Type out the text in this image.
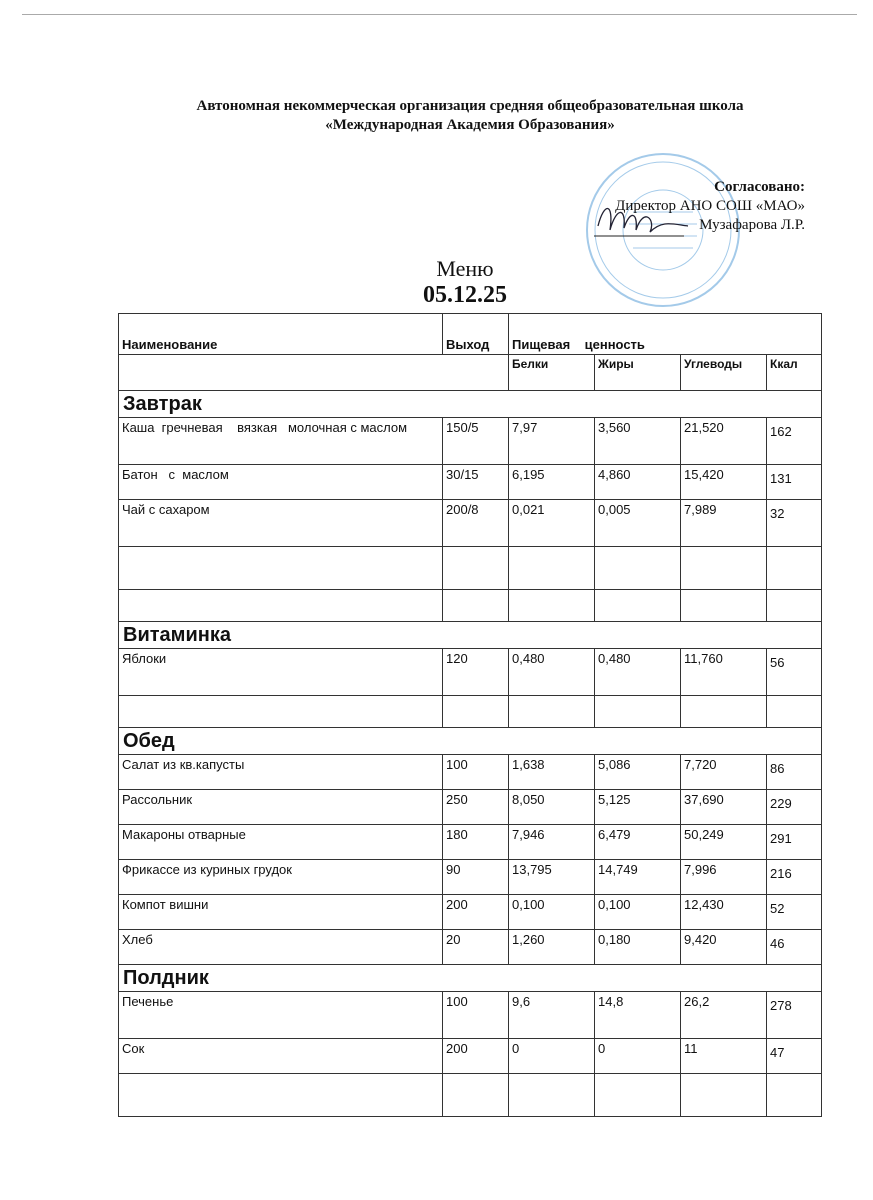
Автономная некоммерческая организация средняя общеобразовательная школа
«Международная Академия Образования»
Согласовано:
Директор АНО СОШ «МАО»
Музафарова Л.Р.
Меню
05.12.25
Наименование	Выход	Пищевая    ценность			
		Белки	Жиры	Углеводы	Ккал
Завтрак					
Каша  гречневая    вязкая   молочная с маслом	150/5	7,97	3,560	21,520	162
Батон   с  маслом	30/15	6,195	4,860	15,420	131
Чай с сахаром	200/8	0,021	0,005	7,989	32

Витаминка					
Яблоки	120	0,480	0,480	11,760	56

Обед					
Салат из кв.капусты	100	1,638	5,086	7,720	86
Рассольник	250	8,050	5,125	37,690	229
Макароны отварные	180	7,946	6,479	50,249	291
Фрикассе из куриных грудок	90	13,795	14,749	7,996	216
Компот вишни	200	0,100	0,100	12,430	52
Хлеб	20	1,260	0,180	9,420	46
Полдник					
Печенье	100	9,6	14,8	26,2	278
Сок	200	0	0	11	47
